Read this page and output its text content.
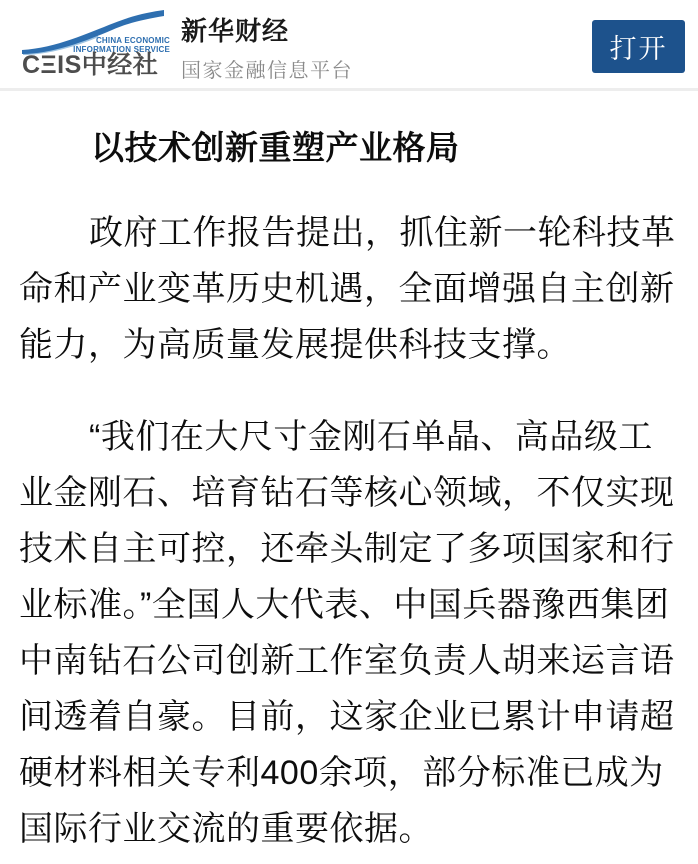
CHINA ECONOMIC
INFORMATION SERVICE
CΞIS中经社
新华财经
国家金融信息平台
打开
以技术创新重塑产业格局

政府工作报告提出，抓住新一轮科技革命和产业变革历史机遇，全面增强自主创新能力，为高质量发展提供科技支撑。

“我们在大尺寸金刚石单晶、高品级工业金刚石、培育钻石等核心领域，不仅实现技术自主可控，还牵头制定了多项国家和行业标准。”全国人大代表、中国兵器豫西集团中南钻石公司创新工作室负责人胡来运言语间透着自豪。目前，这家企业已累计申请超硬材料相关专利400余项，部分标准已成为国际行业交流的重要依据。
